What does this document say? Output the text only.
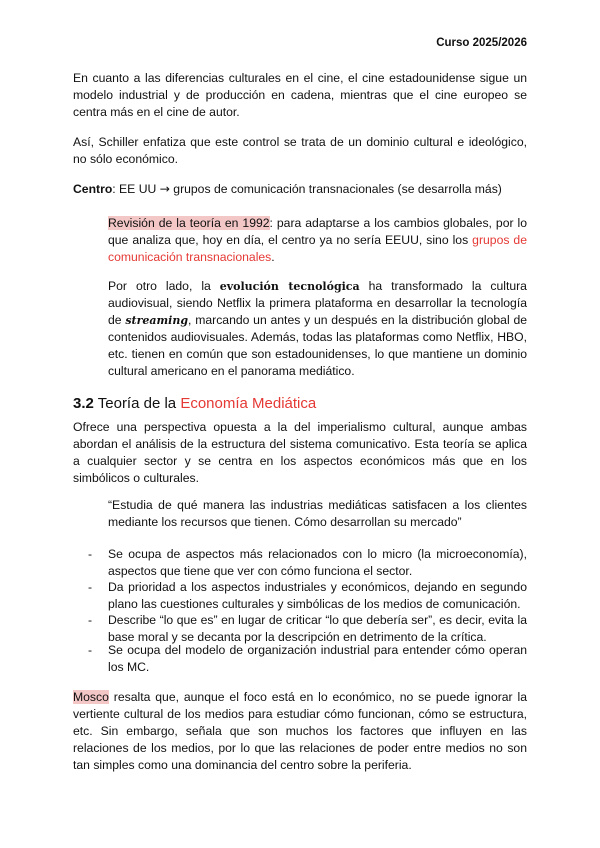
Curso 2025/2026
En cuanto a las diferencias culturales en el cine, el cine estadounidense sigue un modelo industrial y de producción en cadena, mientras que el cine europeo se centra más en el cine de autor.
Así, Schiller enfatiza que este control se trata de un dominio cultural e ideológico, no sólo económico.
Centro: EE UU → grupos de comunicación transnacionales (se desarrolla más)
Revisión de la teoría en 1992: para adaptarse a los cambios globales, por lo que analiza que, hoy en día, el centro ya no sería EEUU, sino los grupos de comunicación transnacionales.
Por otro lado, la evolución tecnológica ha transformado la cultura audiovisual, siendo Netflix la primera plataforma en desarrollar la tecnología de streaming, marcando un antes y un después en la distribución global de contenidos audiovisuales. Además, todas las plataformas como Netflix, HBO, etc. tienen en común que son estadounidenses, lo que mantiene un dominio cultural americano en el panorama mediático.
3.2 Teoría de la Economía Mediática
Ofrece una perspectiva opuesta a la del imperialismo cultural, aunque ambas abordan el análisis de la estructura del sistema comunicativo. Esta teoría se aplica a cualquier sector y se centra en los aspectos económicos más que en los simbólicos o culturales.
“Estudia de qué manera las industrias mediáticas satisfacen a los clientes mediante los recursos que tienen. Cómo desarrollan su mercado”
- Se ocupa de aspectos más relacionados con lo micro (la microeconomía), aspectos que tiene que ver con cómo funciona el sector.
- Da prioridad a los aspectos industriales y económicos, dejando en segundo plano las cuestiones culturales y simbólicas de los medios de comunicación.
- Describe “lo que es” en lugar de criticar “lo que debería ser”, es decir, evita la base moral y se decanta por la descripción en detrimento de la crítica.
- Se ocupa del modelo de organización industrial para entender cómo operan los MC.
Mosco resalta que, aunque el foco está en lo económico, no se puede ignorar la vertiente cultural de los medios para estudiar cómo funcionan, cómo se estructura, etc. Sin embargo, señala que son muchos los factores que influyen en las relaciones de los medios, por lo que las relaciones de poder entre medios no son tan simples como una dominancia del centro sobre la periferia.
